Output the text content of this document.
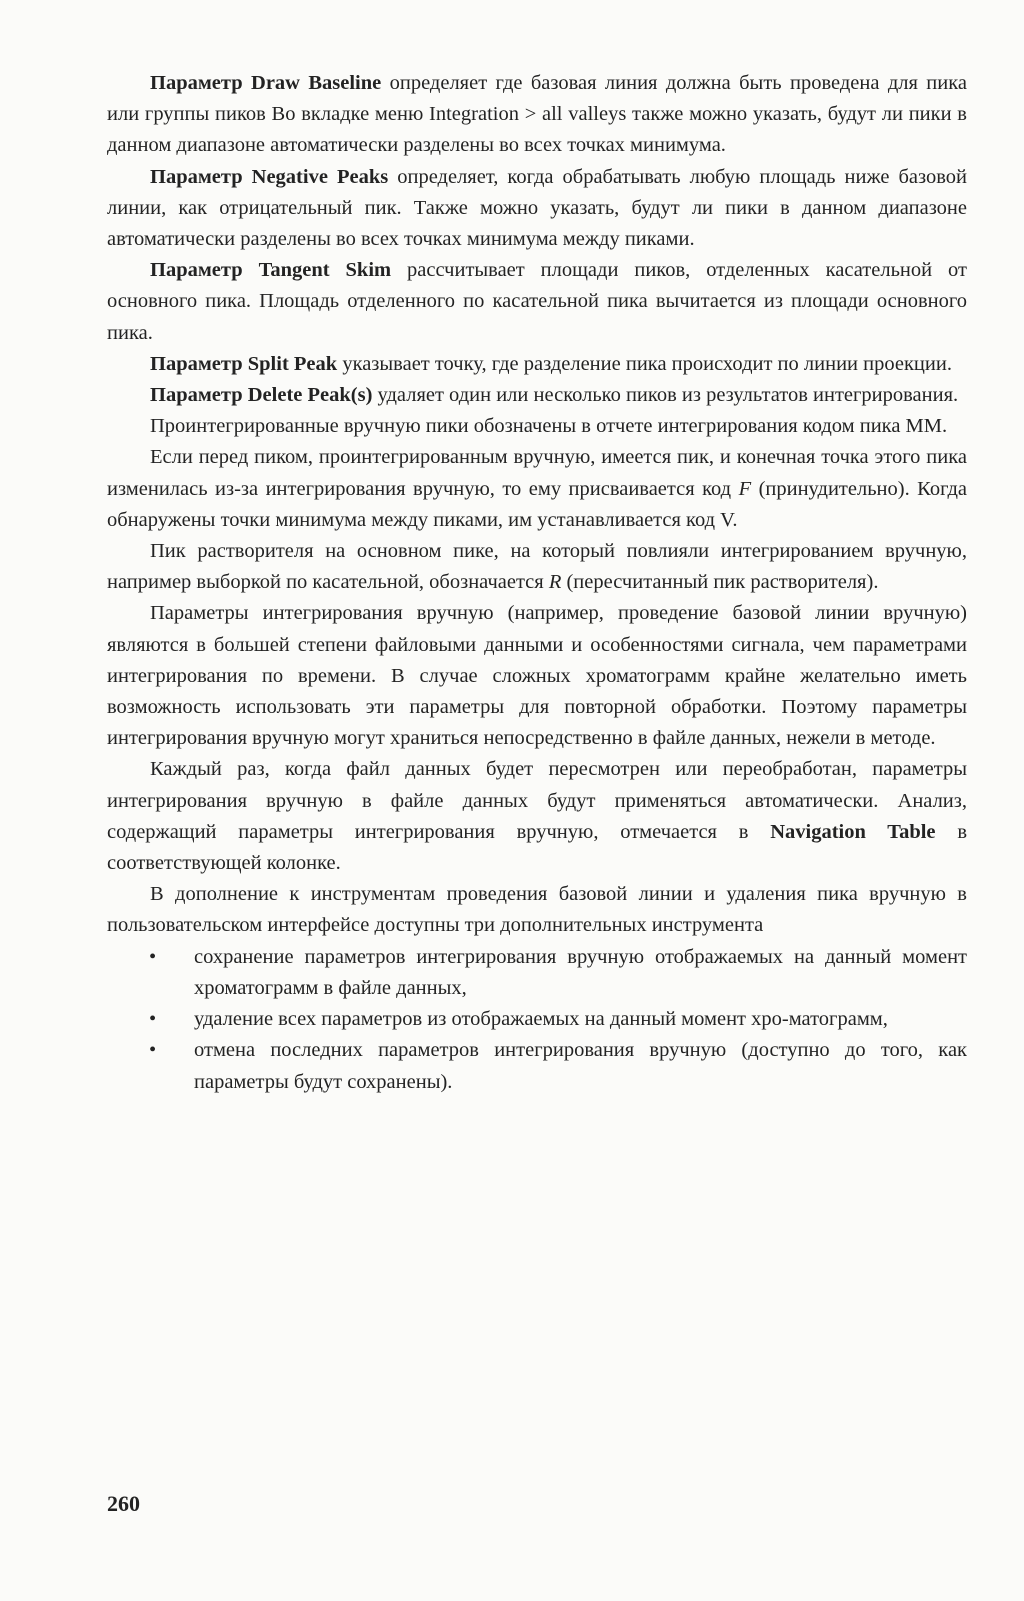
Параметр Draw Baseline определяет где базовая линия должна быть проведена для пика или группы пиков Во вкладке меню Integration > all valleys также можно указать, будут ли пики в данном диапазоне автоматически разделены во всех точках минимума.

Параметр Negative Peaks определяет, когда обрабатывать любую площадь ниже базовой линии, как отрицательный пик. Также можно указать, будут ли пики в данном диапазоне автоматически разделены во всех точках минимума между пиками.

Параметр Tangent Skim рассчитывает площади пиков, отделенных касательной от основного пика. Площадь отделенного по касательной пика вычитается из площади основного пика.

Параметр Split Peak указывает точку, где разделение пика происходит по линии проекции.

Параметр Delete Peak(s) удаляет один или несколько пиков из результатов интегрирования.

Проинтегрированные вручную пики обозначены в отчете интегрирования кодом пика ММ.

Если перед пиком, проинтегрированным вручную, имеется пик, и конечная точка этого пика изменилась из-за интегрирования вручную, то ему присваивается код F (принудительно). Когда обнаружены точки минимума между пиками, им устанавливается код V.

Пик растворителя на основном пике, на который повлияли интегрированием вручную, например выборкой по касательной, обозначается R (пересчитанный пик растворителя).

Параметры интегрирования вручную (например, проведение базовой линии вручную) являются в большей степени файловыми данными и особенностями сигнала, чем параметрами интегрирования по времени. В случае сложных хроматограмм крайне желательно иметь возможность использовать эти параметры для повторной обработки. Поэтому параметры интегрирования вручную могут храниться непосредственно в файле данных, нежели в методе.

Каждый раз, когда файл данных будет пересмотрен или переобработан, параметры интегрирования вручную в файле данных будут применяться автоматически. Анализ, содержащий параметры интегрирования вручную, отмечается в Navigation Table в соответствующей колонке.

В дополнение к инструментам проведения базовой линии и удаления пика вручную в пользовательском интерфейсе доступны три дополнительных инструмента

• сохранение параметров интегрирования вручную отображаемых на данный момент хроматограмм в файле данных,
• удаление всех параметров из отображаемых на данный момент хро-матограмм,
• отмена последних параметров интегрирования вручную (доступно до того, как параметры будут сохранены).
260
